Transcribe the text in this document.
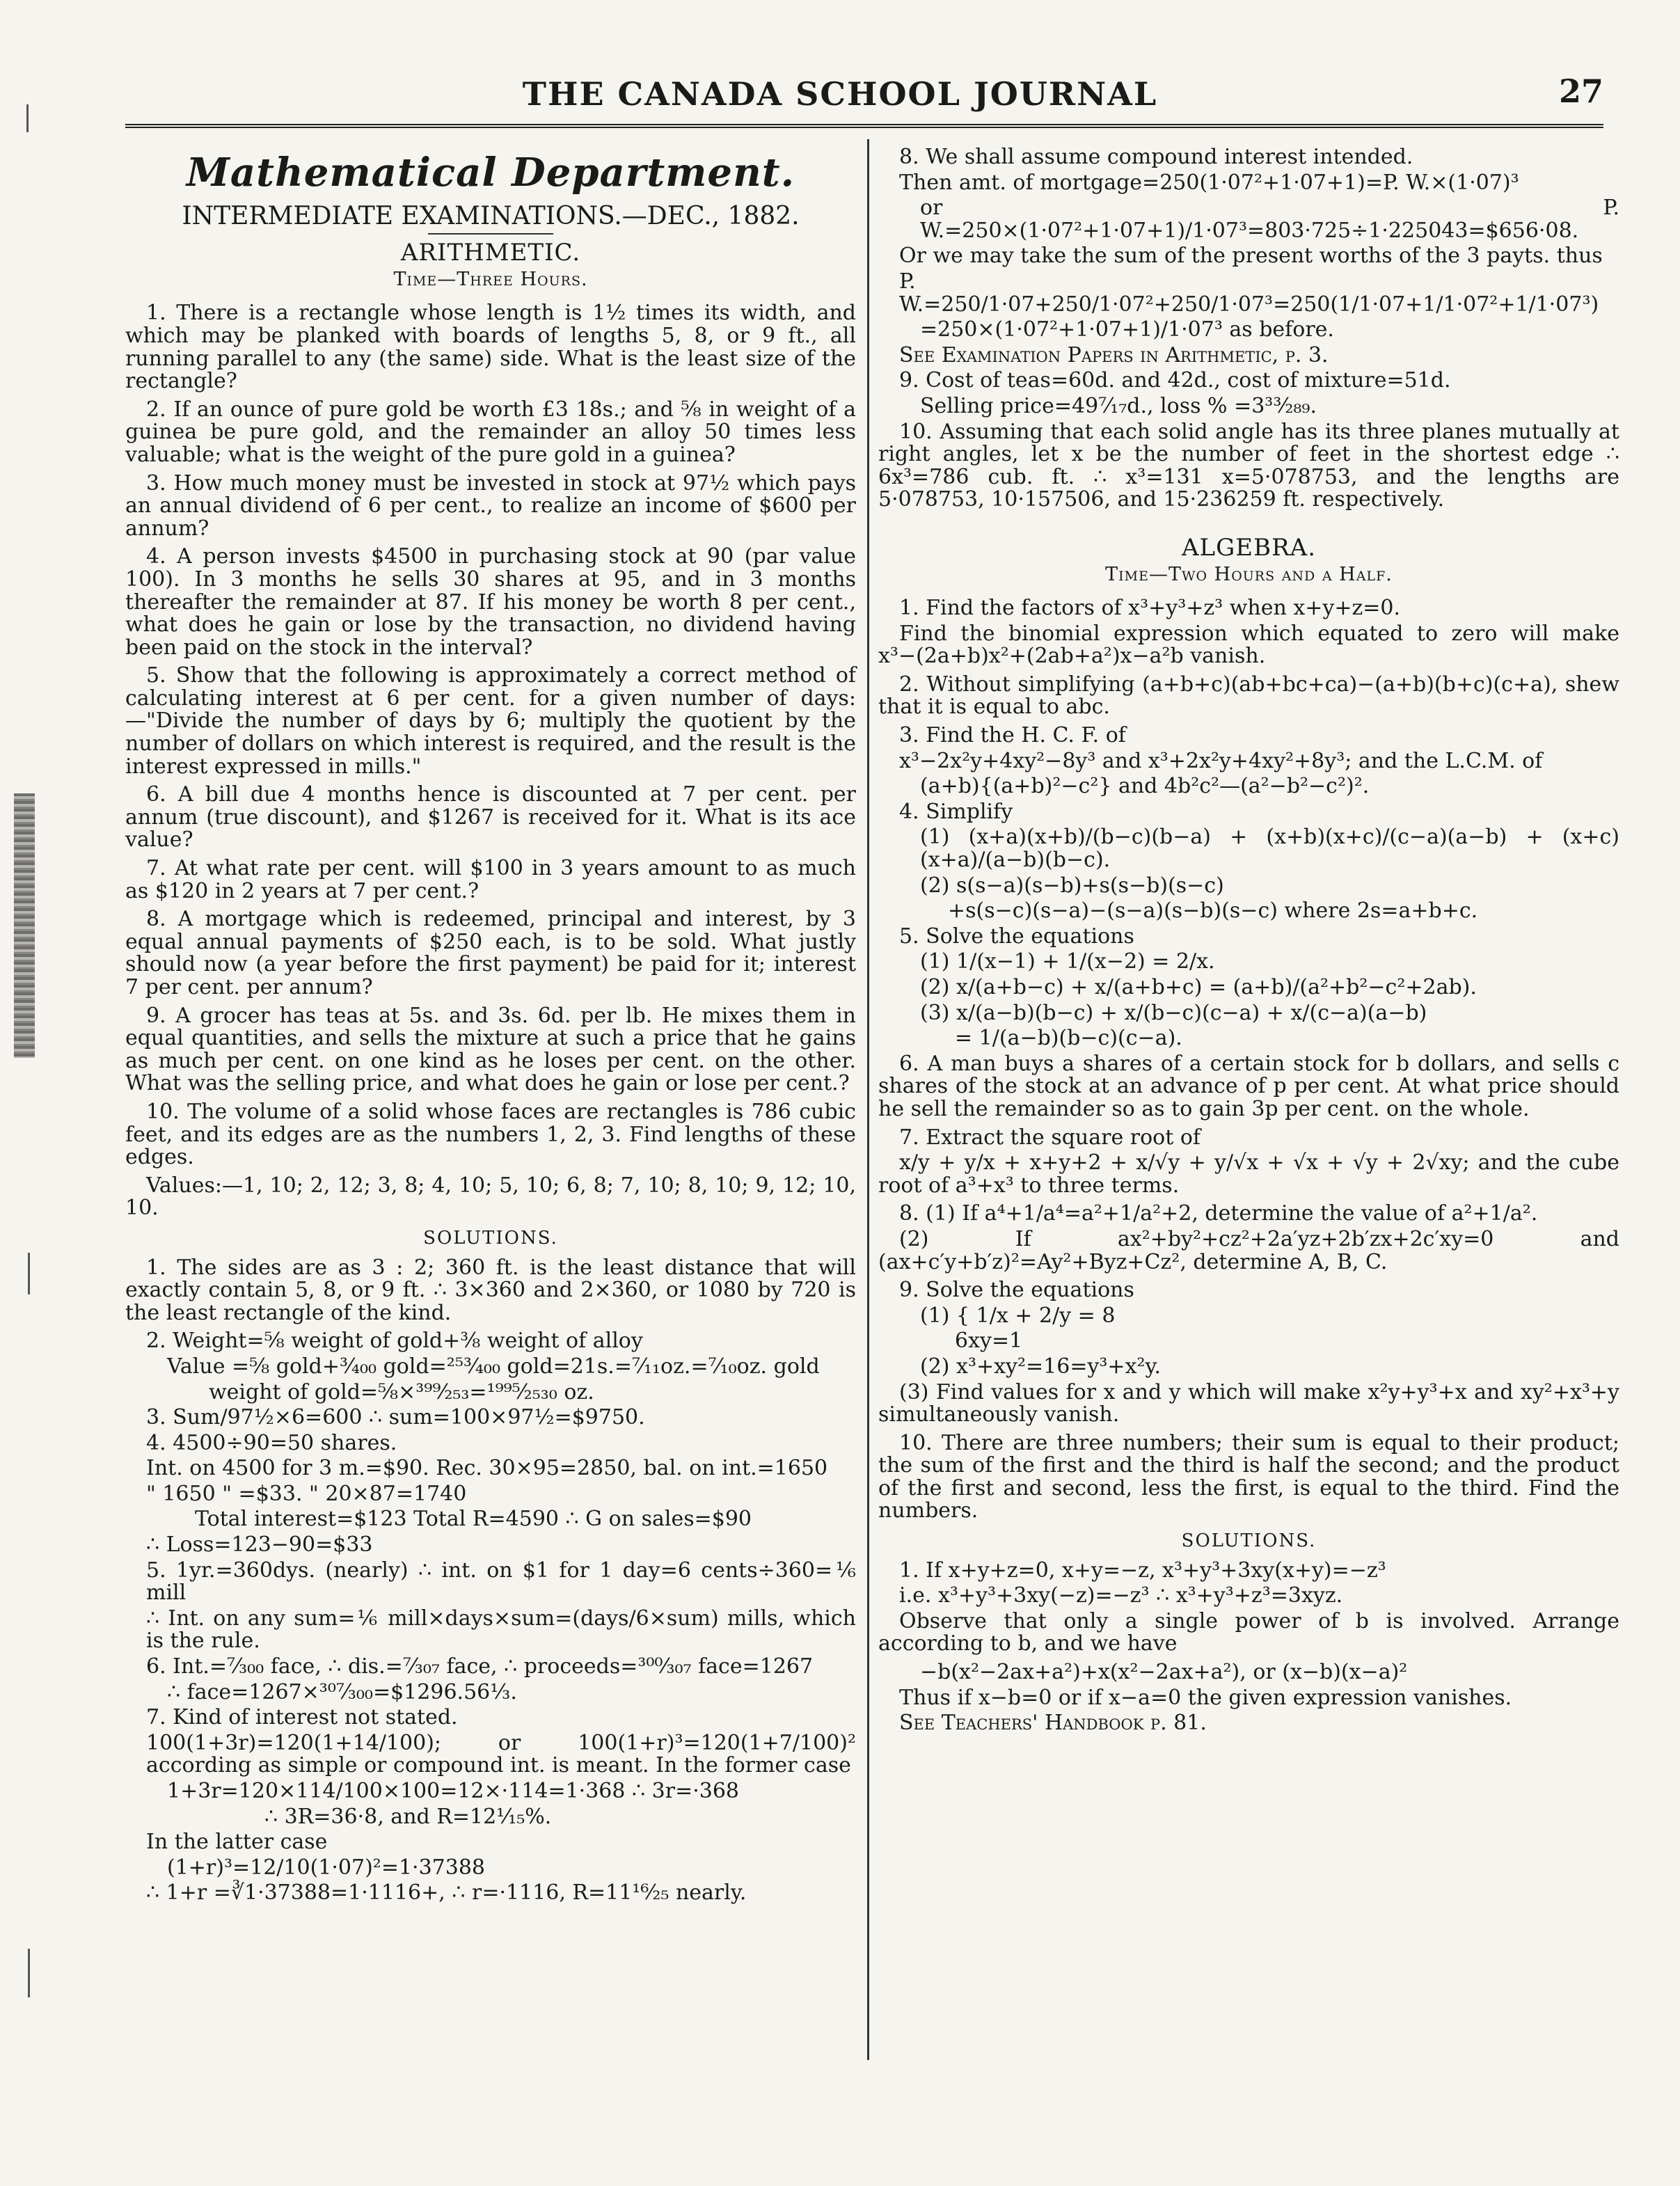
THE CANADA SCHOOL JOURNAL	27
Mathematical Department.
INTERMEDIATE EXAMINATIONS.—DEC., 1882.
ARITHMETIC.
Time—Three Hours.

1. There is a rectangle whose length is 1½ times its width, and which may be planked with boards of lengths 5, 8, or 9 ft., all running parallel to any (the same) side. What is the least size of the rectangle?

2. If an ounce of pure gold be worth £3 18s.; and ⅝ in weight of a guinea be pure gold, and the remainder an alloy 50 times less valuable; what is the weight of the pure gold in a guinea?

3. How much money must be invested in stock at 97½ which pays an annual dividend of 6 per cent., to realize an income of $600 per annum?

4. A person invests $4500 in purchasing stock at 90 (par value 100). In 3 months he sells 30 shares at 95, and in 3 months thereafter the remainder at 87. If his money be worth 8 per cent., what does he gain or lose by the transaction, no dividend having been paid on the stock in the interval?

5. Show that the following is approximately a correct method of calculating interest at 6 per cent. for a given number of days:—"Divide the number of days by 6; multiply the quotient by the number of dollars on which interest is required, and the result is the interest expressed in mills."

6. A bill due 4 months hence is discounted at 7 per cent. per annum (true discount), and $1267 is received for it. What is its ace value?

7. At what rate per cent. will $100 in 3 years amount to as much as $120 in 2 years at 7 per cent.?

8. A mortgage which is redeemed, principal and interest, by 3 equal annual payments of $250 each, is to be sold. What justly should now (a year before the first payment) be paid for it; interest 7 per cent. per annum?

9. A grocer has teas at 5s. and 3s. 6d. per lb. He mixes them in equal quantities, and sells the mixture at such a price that he gains as much per cent. on one kind as he loses per cent. on the other. What was the selling price, and what does he gain or lose per cent.?

10. The volume of a solid whose faces are rectangles is 786 cubic feet, and its edges are as the numbers 1, 2, 3. Find lengths of these edges.

Values:—1, 10; 2, 12; 3, 8; 4, 10; 5, 10; 6, 8; 7, 10; 8, 10; 9, 12; 10, 10.

SOLUTIONS.

1. The sides are as 3 : 2; 360 ft. is the least distance that will exactly contain 5, 8, or 9 ft. ∴ 3×360 and 2×360, or 1080 by 720 is the least rectangle of the kind.

2. Weight=⅝ weight of gold+⅜ weight of alloy

Value =⅝ gold+³⁄₄₀₀ gold=²⁵³⁄₄₀₀ gold=21s.=⁷⁄₁₁oz.=⁷⁄₁₀oz. gold

weight of gold=⅝×³⁹⁹⁄₂₅₃=¹⁹⁹⁵⁄₂₅₃₀ oz.

3. Sum/97½×6=600 ∴ sum=100×97½=$9750.

4. 4500÷90=50 shares.

Int. on 4500 for 3 m.=$90. Rec. 30×95=2850, bal. on int.=1650

" 1650 " =$33. " 20×87=1740

Total interest=$123 Total R=4590 ∴ G on sales=$90

∴ Loss=123−90=$33

5. 1yr.=360dys. (nearly) ∴ int. on $1 for 1 day=6 cents÷360=⅙ mill

∴ Int. on any sum=⅙ mill×days×sum=(days/6×sum) mills, which is the rule.

6. Int.=⁷⁄₃₀₀ face, ∴ dis.=⁷⁄₃₀₇ face, ∴ proceeds=³⁰⁰⁄₃₀₇ face=1267

∴ face=1267×³⁰⁷⁄₃₀₀=$1296.56⅓.

7. Kind of interest not stated.

100(1+3r)=120(1+14/100); or 100(1+r)³=120(1+7/100)² according as simple or compound int. is meant. In the former case

1+3r=120×114/100×100=12×·114=1·368 ∴ 3r=·368

∴ 3R=36·8, and R=12⅟₁₅%.

In the latter case

(1+r)³=12/10(1·07)²=1·37388

∴ 1+r =∛1·37388=1·1116+, ∴ r=·1116, R=11¹⁶⁄₂₅ nearly.

8. We shall assume compound interest intended.

Then amt. of mortgage=250(1·07²+1·07+1)=P. W.×(1·07)³

or P. W.=250×(1·07²+1·07+1)/1·07³=803·725÷1·225043=$656·08.

Or we may take the sum of the present worths of the 3 payts. thus

P. W.=250/1·07+250/1·07²+250/1·07³=250(1/1·07+1/1·07²+1/1·07³)

=250×(1·07²+1·07+1)/1·07³ as before.

See Examination Papers in Arithmetic, p. 3.

9. Cost of teas=60d. and 42d., cost of mixture=51d.

Selling price=49⁷⁄₁₇d., loss % =3³³⁄₂₈₉.

10. Assuming that each solid angle has its three planes mutually at right angles, let x be the number of feet in the shortest edge ∴ 6x³=786 cub. ft. ∴ x³=131 x=5·078753, and the lengths are 5·078753, 10·157506, and 15·236259 ft. respectively.

ALGEBRA.
Time—Two Hours and a Half.

1. Find the factors of x³+y³+z³ when x+y+z=0.

Find the binomial expression which equated to zero will make x³−(2a+b)x²+(2ab+a²)x−a²b vanish.

2. Without simplifying (a+b+c)(ab+bc+ca)−(a+b)(b+c)(c+a), shew that it is equal to abc.

3. Find the H. C. F. of

x³−2x²y+4xy²−8y³ and x³+2x²y+4xy²+8y³; and the L.C.M. of

(a+b){(a+b)²−c²} and 4b²c²—(a²−b²−c²)².

4. Simplify

(1) (x+a)(x+b)/(b−c)(b−a) + (x+b)(x+c)/(c−a)(a−b) + (x+c)(x+a)/(a−b)(b−c).

(2) s(s−a)(s−b)+s(s−b)(s−c)

+s(s−c)(s−a)−(s−a)(s−b)(s−c) where 2s=a+b+c.

5. Solve the equations

(1) 1/(x−1) + 1/(x−2) = 2/x.

(2) x/(a+b−c) + x/(a+b+c) = (a+b)/(a²+b²−c²+2ab).

(3) x/(a−b)(b−c) + x/(b−c)(c−a) + x/(c−a)(a−b)

= 1/(a−b)(b−c)(c−a).

6. A man buys a shares of a certain stock for b dollars, and sells c shares of the stock at an advance of p per cent. At what price should he sell the remainder so as to gain 3p per cent. on the whole.

7. Extract the square root of

x/y + y/x + x+y+2 + x/√y + y/√x + √x + √y + 2√xy; and the cube root of a³+x³ to three terms.

8. (1) If a⁴+1/a⁴=a²+1/a²+2, determine the value of a²+1/a².

(2) If ax²+by²+cz²+2a′yz+2b′zx+2c′xy=0 and (ax+c′y+b′z)²=Ay²+Byz+Cz², determine A, B, C.

9. Solve the equations

(1) { 1/x + 2/y = 8

6xy=1

(2) x³+xy²=16=y³+x²y.

(3) Find values for x and y which will make x²y+y³+x and xy²+x³+y simultaneously vanish.

10. There are three numbers; their sum is equal to their product; the sum of the first and the third is half the second; and the product of the first and second, less the first, is equal to the third. Find the numbers.

SOLUTIONS.

1. If x+y+z=0, x+y=−z, x³+y³+3xy(x+y)=−z³

i.e. x³+y³+3xy(−z)=−z³ ∴ x³+y³+z³=3xyz.

Observe that only a single power of b is involved. Arrange according to b, and we have

−b(x²−2ax+a²)+x(x²−2ax+a²), or (x−b)(x−a)²

Thus if x−b=0 or if x−a=0 the given expression vanishes.

See Teachers' Handbook p. 81.
